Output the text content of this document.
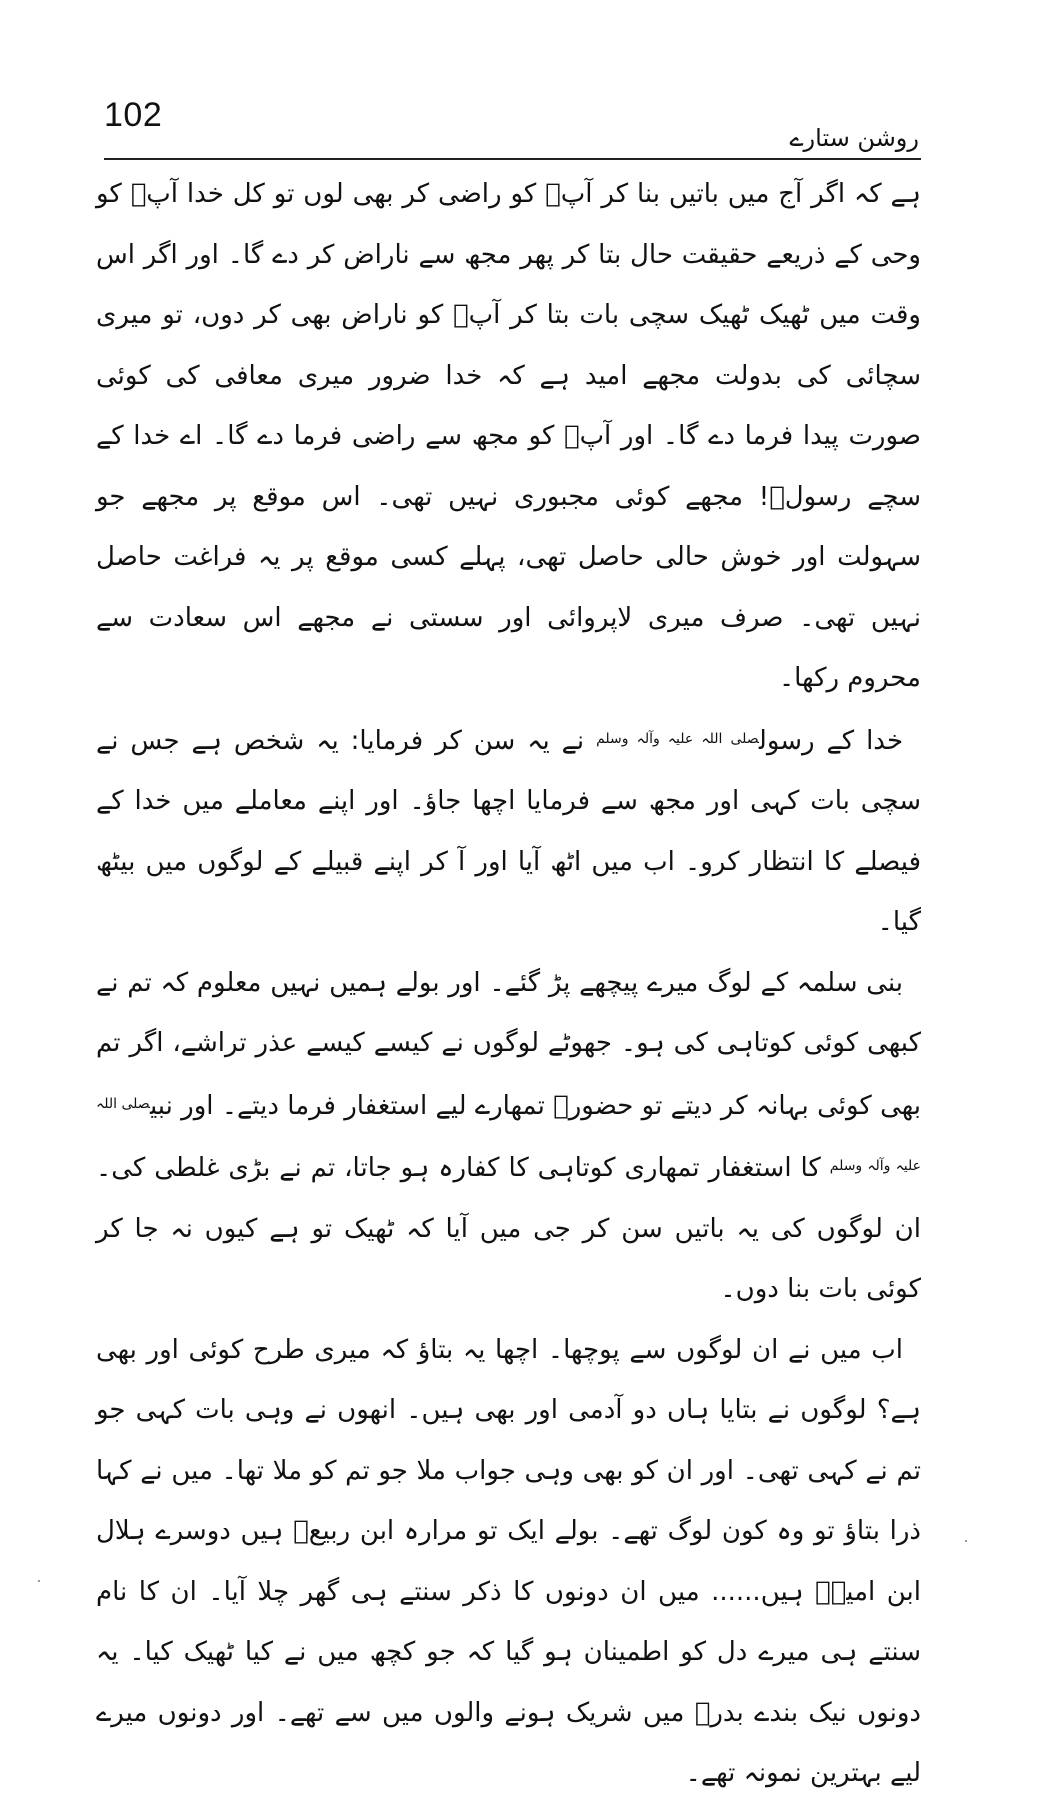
102
روشن ستارے

ہے کہ اگر آج میں باتیں بنا کر آپؐ کو راضی کر بھی لوں تو کل خدا آپؐ کو وحی کے ذریعے حقیقت حال بتا کر پھر مجھ سے ناراض کر دے گا۔ اور اگر اس وقت میں ٹھیک ٹھیک سچی بات بتا کر آپؐ کو ناراض بھی کر دوں، تو میری سچائی کی بدولت مجھے امید ہے کہ خدا ضرور میری معافی کی کوئی صورت پیدا فرما دے گا۔ اور آپؐ کو مجھ سے راضی فرما دے گا۔ اے خدا کے سچے رسولؐ! مجھے کوئی مجبوری نہیں تھی۔ اس موقع پر مجھے جو سہولت اور خوش حالی حاصل تھی، پہلے کسی موقع پر یہ فراغت حاصل نہیں تھی۔ صرف میری لاپروائی اور سستی نے مجھے اس سعادت سے محروم رکھا۔

خدا کے رسول$^{صلی اللہ علیہ وآلہ وسلم}$ نے یہ سن کر فرمایا: یہ شخص ہے جس نے سچی بات کہی اور مجھ سے فرمایا اچھا جاؤ۔ اور اپنے معاملے میں خدا کے فیصلے کا انتظار کرو۔ اب میں اٹھ آیا اور آ کر اپنے قبیلے کے لوگوں میں بیٹھ گیا۔

بنی سلمہ کے لوگ میرے پیچھے پڑ گئے۔ اور بولے ہمیں نہیں معلوم کہ تم نے کبھی کوئی کوتاہی کی ہو۔ جھوٹے لوگوں نے کیسے کیسے عذر تراشے، اگر تم بھی کوئی بہانہ کر دیتے تو حضورؐ تمھارے لیے استغفار فرما دیتے۔ اور نبی$^{صلی اللہ علیہ وآلہ وسلم}$ کا استغفار تمھاری کوتاہی کا کفارہ ہو جاتا، تم نے بڑی غلطی کی۔ ان لوگوں کی یہ باتیں سن کر جی میں آیا کہ ٹھیک تو ہے کیوں نہ جا کر کوئی بات بنا دوں۔

اب میں نے ان لوگوں سے پوچھا۔ اچھا یہ بتاؤ کہ میری طرح کوئی اور بھی ہے؟ لوگوں نے بتایا ہاں دو آدمی اور بھی ہیں۔ انھوں نے وہی بات کہی جو تم نے کہی تھی۔ اور ان کو بھی وہی جواب ملا جو تم کو ملا تھا۔ میں نے کہا ذرا بتاؤ تو وہ کون لوگ تھے۔ بولے ایک تو مرارہ ابن ربیعؓ ہیں دوسرے ہلال ابن امیہؓ ہیں...... میں ان دونوں کا ذکر سنتے ہی گھر چلا آیا۔ ان کا نام سنتے ہی میرے دل کو اطمینان ہو گیا کہ جو کچھ میں نے کیا ٹھیک کیا۔ یہ دونوں نیک بندے بدرؓ میں شریک ہونے والوں میں سے تھے۔ اور دونوں میرے لیے بہترین نمونہ تھے۔
